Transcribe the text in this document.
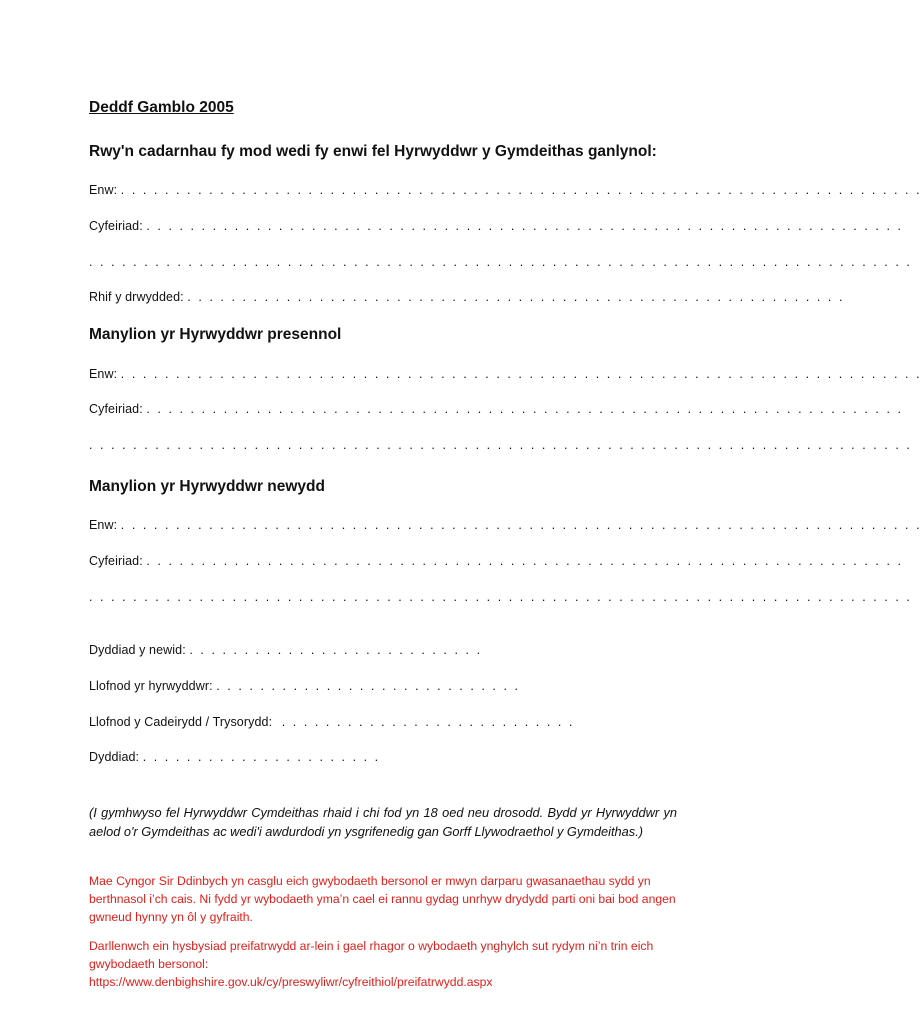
Deddf Gamblo 2005
Rwy'n cadarnhau fy mod wedi fy enwi fel Hyrwyddwr y Gymdeithas ganlynol:
Enw: . . . . . . . . . . . . . . . . . . . . . . . . . . . . . . . . . . . . . . . . . . . . . . . . . . . . . . . . . . . . . . . . . . . . . . . . .
Cyfeiriad: . . . . . . . . . . . . . . . . . . . . . . . . . . . . . . . . . . . . . . . . . . . . . . . . . . . . . . . . . . . . . . . . . . . . .
. . . . . . . . . . . . . . . . . . . . . . . . . . . . . . . . . . . . . . . . . . . . . . . . . . . . . . . . . . . . . . . . . . . . . . . . . . .
Rhif y drwydded: . . . . . . . . . . . . . . . . . . . . . . . . . . . . . . . . . . . . . . . . . . . . . . . . . . . . . . . . . . . .
Manylion yr Hyrwyddwr presennol
Enw: . . . . . . . . . . . . . . . . . . . . . . . . . . . . . . . . . . . . . . . . . . . . . . . . . . . . . . . . . . . . . . . . . . . . . . . . .
Cyfeiriad: . . . . . . . . . . . . . . . . . . . . . . . . . . . . . . . . . . . . . . . . . . . . . . . . . . . . . . . . . . . . . . . . . . . . .
. . . . . . . . . . . . . . . . . . . . . . . . . . . . . . . . . . . . . . . . . . . . . . . . . . . . . . . . . . . . . . . . . . . . . . . . . . .
Manylion yr Hyrwyddwr newydd
Enw: . . . . . . . . . . . . . . . . . . . . . . . . . . . . . . . . . . . . . . . . . . . . . . . . . . . . . . . . . . . . . . . . . . . . . . . . .
Cyfeiriad: . . . . . . . . . . . . . . . . . . . . . . . . . . . . . . . . . . . . . . . . . . . . . . . . . . . . . . . . . . . . . . . . . . . . .
. . . . . . . . . . . . . . . . . . . . . . . . . . . . . . . . . . . . . . . . . . . . . . . . . . . . . . . . . . . . . . . . . . . . . . . . . . .
Dyddiad y newid: . . . . . . . . . . . . . . . . . . . . . . . . . . .
Llofnod yr hyrwyddwr: . . . . . . . . . . . . . . . . . . . . . . . . . . . .
Llofnod y Cadeirydd / Trysorydd: . . . . . . . . . . . . . . . . . . . . . . . . . . .
Dyddiad: . . . . . . . . . . . . . . . . . . . . . .
(I gymhwyso fel Hyrwyddwr Cymdeithas rhaid i chi fod yn 18 oed neu drosodd. Bydd yr Hyrwyddwr yn aelod o'r Gymdeithas ac wedi'i awdurdodi yn ysgrifenedig gan Gorff Llywodraethol y Gymdeithas.)

Mae Cyngor Sir Ddinbych yn casglu eich gwybodaeth bersonol er mwyn darparu gwasanaethau sydd yn berthnasol i’ch cais. Ni fydd yr wybodaeth yma’n cael ei rannu gydag unrhyw drydydd parti oni bai bod angen gwneud hynny yn ôl y gyfraith.

Darllenwch ein hysbysiad preifatrwydd ar-lein i gael rhagor o wybodaeth ynghylch sut rydym ni’n trin eich gwybodaeth bersonol:

https://www.denbighshire.gov.uk/cy/preswyliwr/cyfreithiol/preifatrwydd.aspx
